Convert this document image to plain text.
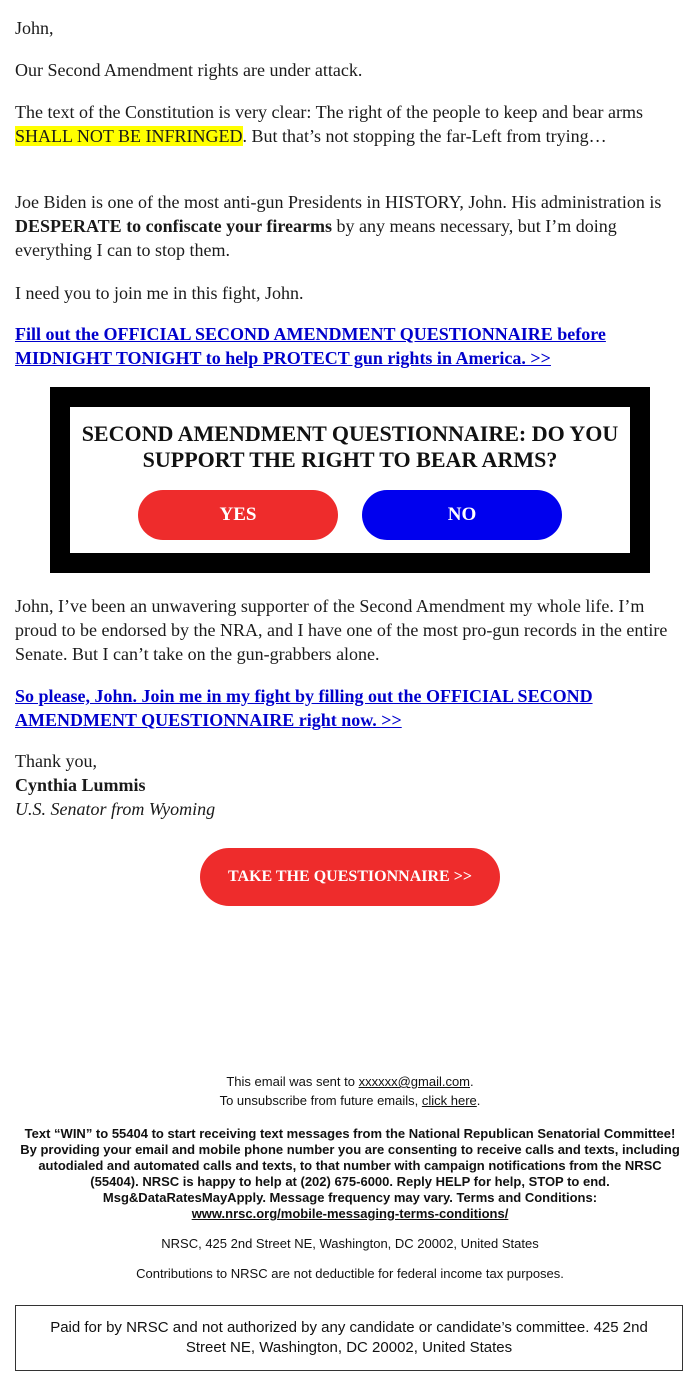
John,

Our Second Amendment rights are under attack.

The text of the Constitution is very clear: The right of the people to keep and bear arms SHALL NOT BE INFRINGED. But that’s not stopping the far-Left from trying…

Joe Biden is one of the most anti-gun Presidents in HISTORY, John. His administration is DESPERATE to confiscate your firearms by any means necessary, but I’m doing everything I can to stop them.

I need you to join me in this fight, John.

Fill out the OFFICIAL SECOND AMENDMENT QUESTIONNAIRE before MIDNIGHT TONIGHT to help PROTECT gun rights in America. >>

SECOND AMENDMENT QUESTIONNAIRE: DO YOU SUPPORT THE RIGHT TO BEAR ARMS?
YES	NO

John, I’ve been an unwavering supporter of the Second Amendment my whole life. I’m proud to be endorsed by the NRA, and I have one of the most pro-gun records in the entire Senate. But I can’t take on the gun-grabbers alone.

So please, John. Join me in my fight by filling out the OFFICIAL SECOND AMENDMENT QUESTIONNAIRE right now. >>

Thank you,

Cynthia Lummis

U.S. Senator from Wyoming

TAKE THE QUESTIONNAIRE >>
This email was sent to xxxxxx@gmail.com.
To unsubscribe from future emails, click here.
Text “WIN” to 55404 to start receiving text messages from the National Republican Senatorial Committee! By providing your email and mobile phone number you are consenting to receive calls and texts, including autodialed and automated calls and texts, to that number with campaign notifications from the NRSC (55404). NRSC is happy to help at (202) 675-6000. Reply HELP for help, STOP to end. Msg&DataRatesMayApply. Message frequency may vary. Terms and Conditions:
www.nrsc.org/mobile-messaging-terms-conditions/
NRSC, 425 2nd Street NE, Washington, DC 20002, United States
Contributions to NRSC are not deductible for federal income tax purposes.
Paid for by NRSC and not authorized by any candidate or candidate’s committee. 425 2nd Street NE, Washington, DC 20002, United States
